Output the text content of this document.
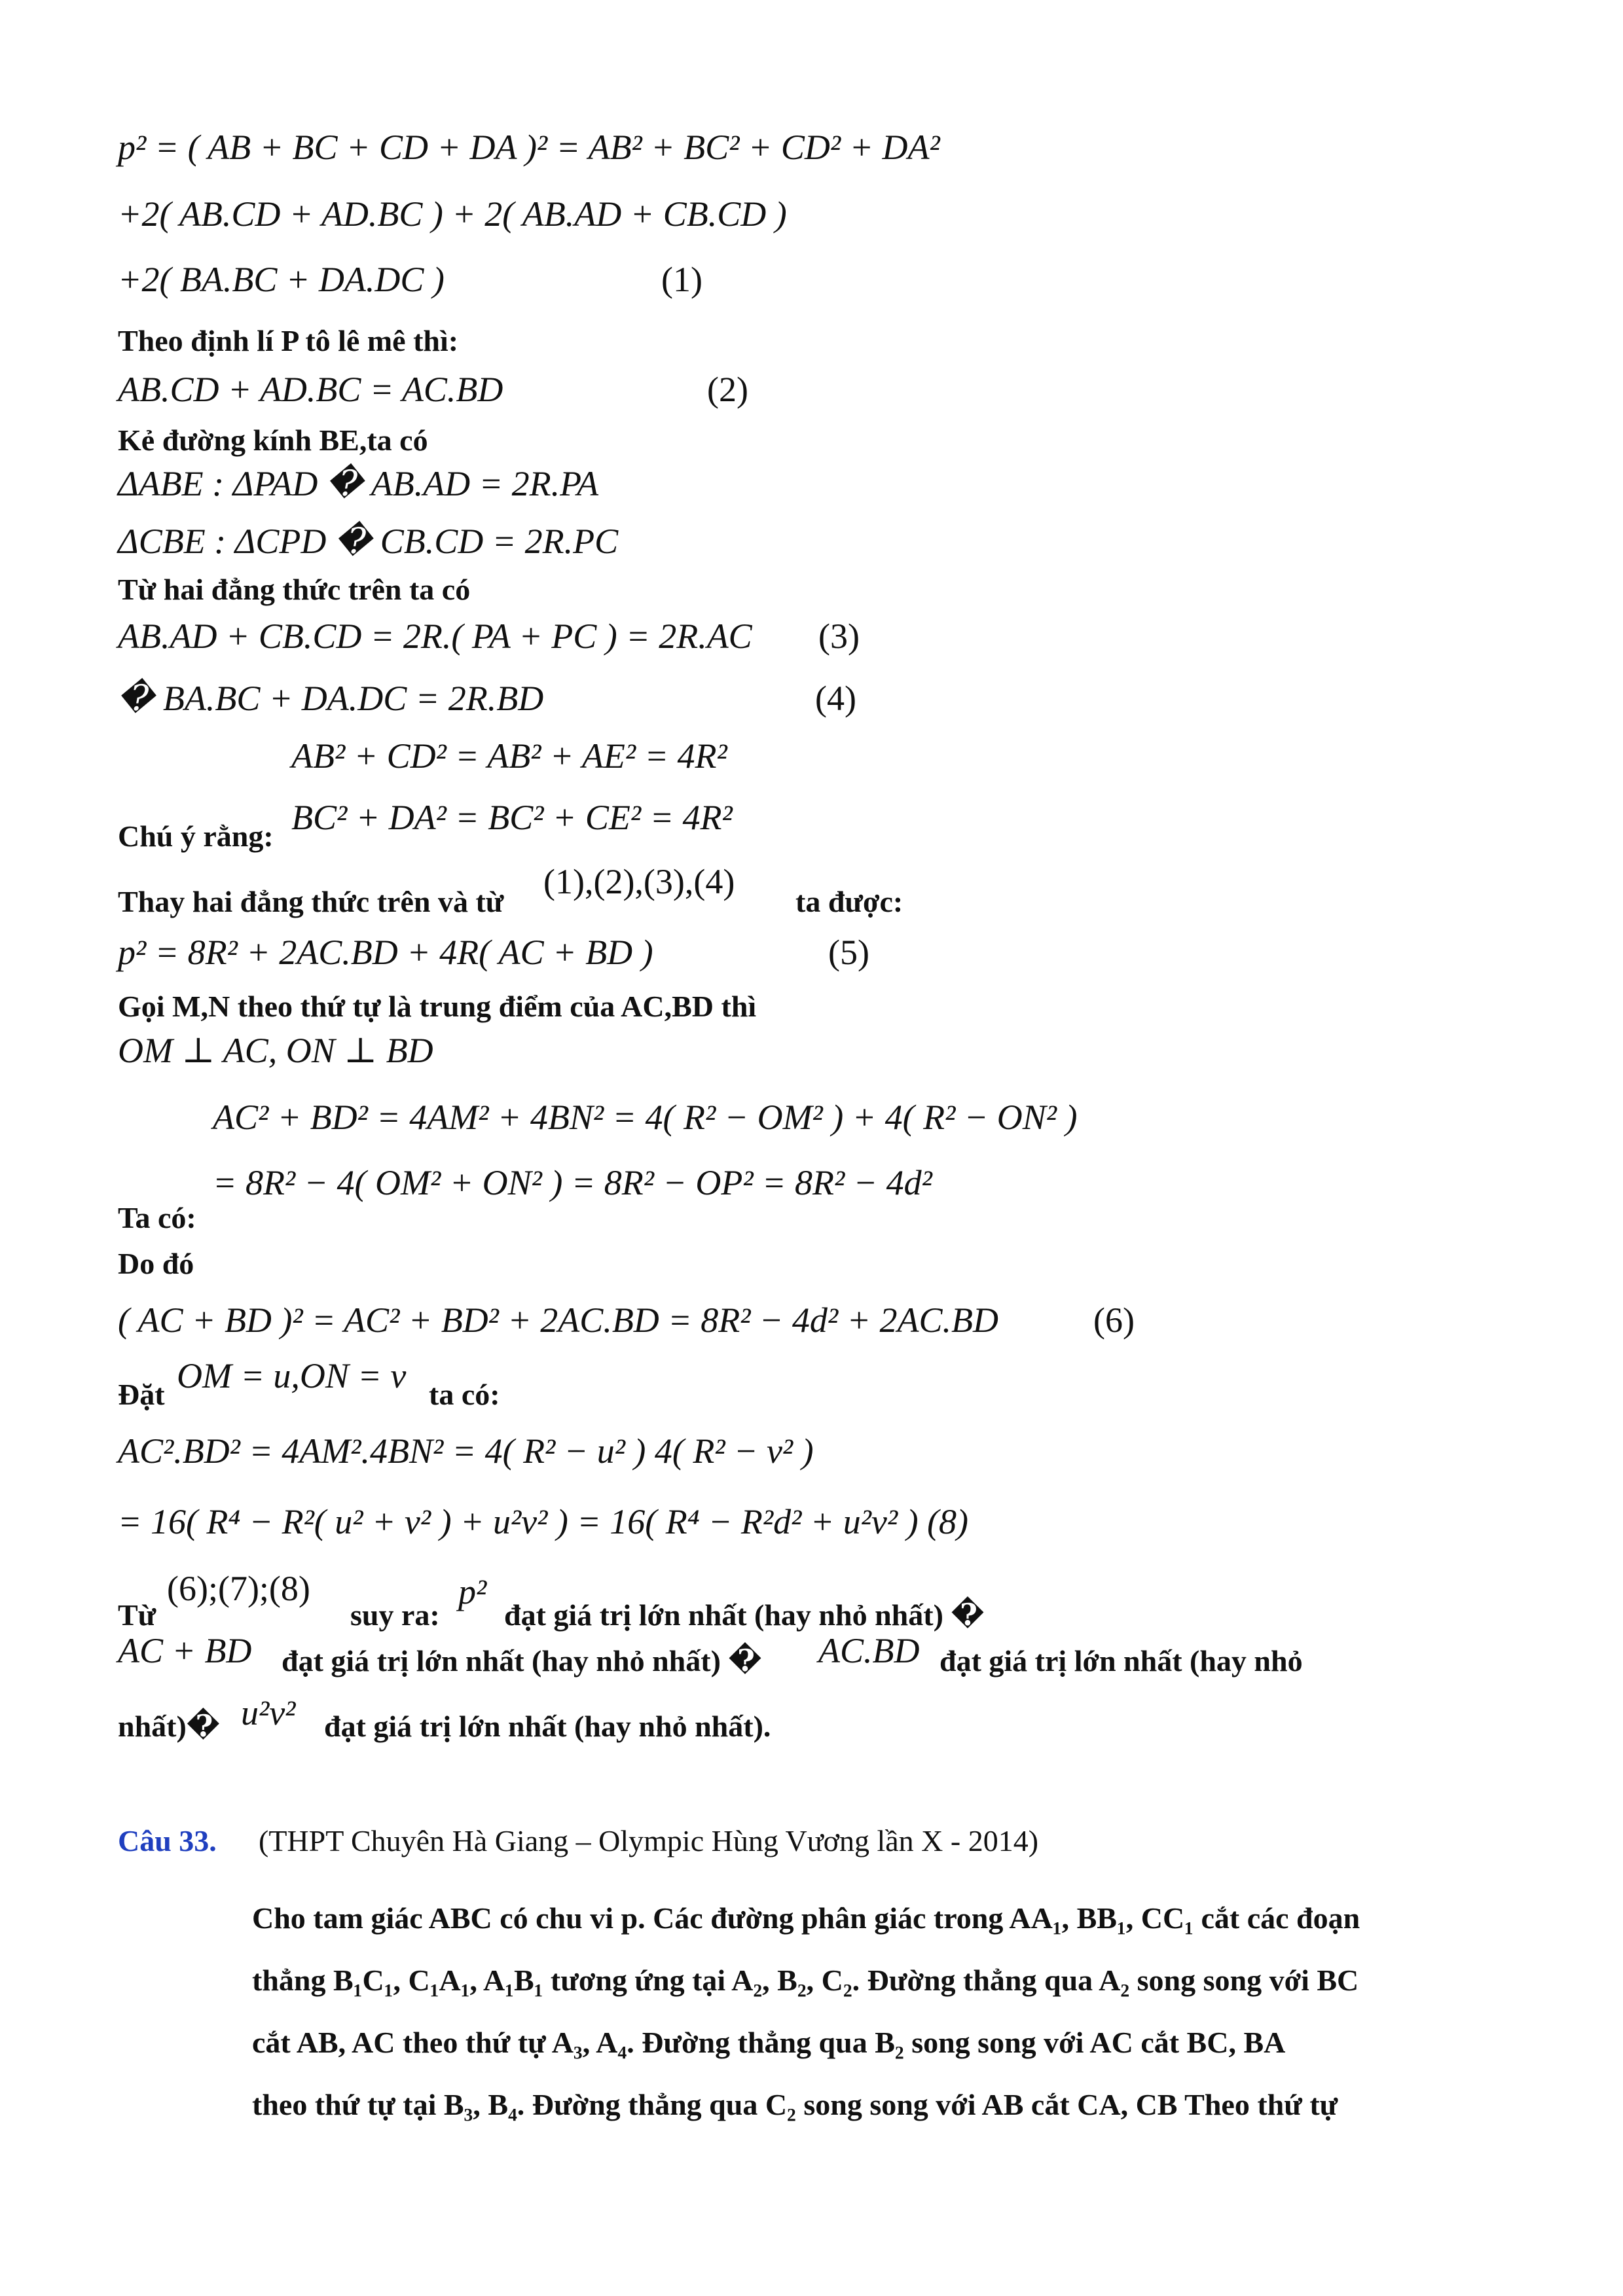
p² = ( AB + BC + CD + DA )² = AB² + BC² + CD² + DA²
+2( AB.CD + AD.BC ) + 2( AB.AD + CB.CD )
+2( BA.BC + DA.DC )	(1)
Theo định lí P tô lê mê thì:
AB.CD + AD.BC = AC.BD	(2)
Kẻ đường kính BE,ta có
ΔABE : ΔPAD � AB.AD = 2R.PA
ΔCBE : ΔCPD � CB.CD = 2R.PC
Từ hai đẳng thức trên ta có
AB.AD + CB.CD = 2R.( PA + PC ) = 2R.AC (3)
� BA.BC + DA.DC = 2R.BD	(4)
AB² + CD² = AB² + AE² = 4R²
Chú ý rằng: BC² + DA² = BC² + CE² = 4R²
Thay hai đẳng thức trên và từ
(1),(2),(3),(4)
ta được:
p² = 8R² + 2AC.BD + 4R( AC + BD )	(5)
Gọi M,N theo thứ tự là trung điểm của AC,BD thì
OM ⊥ AC, ON ⊥ BD
AC² + BD² = 4AM² + 4BN² = 4( R² − OM² ) + 4( R² − ON² )
= 8R² − 4( OM² + ON² ) = 8R² − OP² = 8R² − 4d²
Ta có:
Do đó
( AC + BD )² = AC² + BD² + 2AC.BD = 8R² − 4d² + 2AC.BD	(6)
Đặt OM = u,ON = v ta có:
AC².BD² = 4AM².4BN² = 4( R² − u² ) 4( R² − v² )
= 16( R⁴ − R²( u² + v² ) + u²v² ) = 16( R⁴ − R²d² + u²v² ) (8)
Từ
(6);(7);(8)
suy ra:
p²
đạt giá trị lớn nhất (hay nhỏ nhất) �
AC + BD đạt giá trị lớn nhất (hay nhỏ nhất) � AC.BD đạt giá trị lớn nhất (hay nhỏ
nhất)� u²v² đạt giá trị lớn nhất (hay nhỏ nhất).
Câu 33. (THPT Chuyên Hà Giang – Olympic Hùng Vương lần X - 2014)
Cho tam giác ABC có chu vi p. Các đường phân giác trong AA₁, BB₁, CC₁ cắt các đoạn
thẳng B₁C₁, C₁A₁, A₁B₁ tương ứng tại A₂, B₂, C₂. Đường thẳng qua A₂ song song với BC
cắt AB, AC theo thứ tự A₃, A₄. Đường thẳng qua B₂ song song với AC cắt BC, BA
theo thứ tự tại B₃, B₄. Đường thẳng qua C₂ song song với AB cắt CA, CB Theo thứ tự
